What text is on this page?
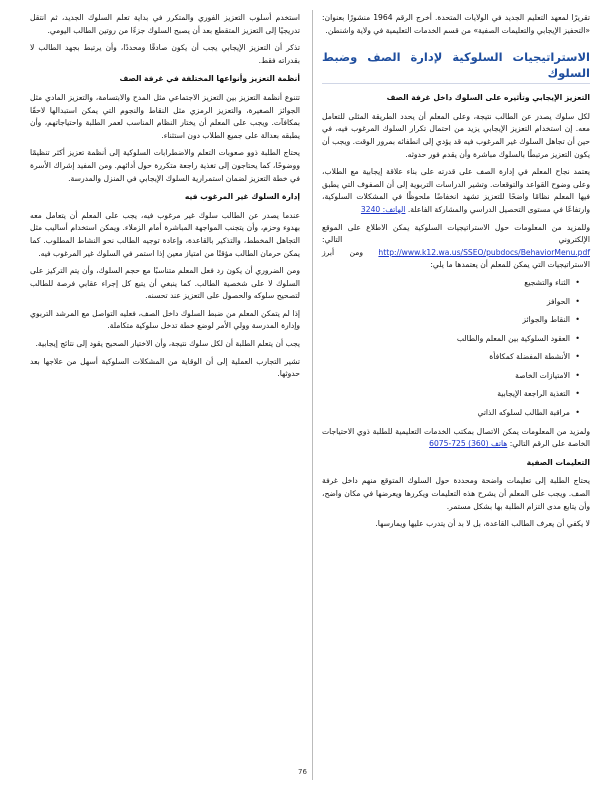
تقريرًا لمعهد التعليم الجديد في الولايات المتحدة. أخرج الرقم 1964 منشورًا بعنوان: «التحفيز الإيجابي والتعليمات الصفية» من قسم الخدمات التعليمية في ولاية واشنطن.

الاستراتيجيات السلوكية لإدارة الصف وضبط السلوك
التعزيز الإيجابي وتأثيره على السلوك داخل غرفة الصف

لكل سلوك يصدر عن الطالب نتيجة، وعلى المعلم أن يحدد الطريقة المثلى للتعامل معه. إن استخدام التعزيز الإيجابي يزيد من احتمال تكرار السلوك المرغوب فيه، في حين أن تجاهل السلوك غير المرغوب فيه قد يؤدي إلى انطفائه بمرور الوقت. ويجب أن يكون التعزيز مرتبطًا بالسلوك مباشرة وأن يقدم فور حدوثه.

يعتمد نجاح المعلم في إدارة الصف على قدرته على بناء علاقة إيجابية مع الطلاب، وعلى وضوح القواعد والتوقعات. وتشير الدراسات التربوية إلى أن الصفوف التي يطبق فيها المعلم نظامًا واضحًا للتعزيز تشهد انخفاضًا ملحوظًا في المشكلات السلوكية، وارتفاعًا في مستوى التحصيل الدراسي والمشاركة الفاعلة. الهاتف: 3240

وللمزيد من المعلومات حول الاستراتيجيات السلوكية يمكن الاطلاع على الموقع الإلكتروني التالي: http://www.k12.wa.us/SSEO/pubdocs/BehaviorMenu.pdf ومن أبرز الاستراتيجيات التي يمكن للمعلم أن يعتمدها ما يلي:

•
الثناء والتشجيع
•
الحوافز
•
النقاط والجوائز
•
العقود السلوكية بين المعلم والطالب
•
الأنشطة المفضلة كمكافأة
•
الامتيازات الخاصة
•
التغذية الراجعة الإيجابية
•
مراقبة الطالب لسلوكه الذاتي

ولمزيد من المعلومات يمكن الاتصال بمكتب الخدمات التعليمية للطلبة ذوي الاحتياجات الخاصة على الرقم التالي: هاتف (360) 725-6075

التعليمات الصفية

يحتاج الطلبة إلى تعليمات واضحة ومحددة حول السلوك المتوقع منهم داخل غرفة الصف. ويجب على المعلم أن يشرح هذه التعليمات ويكررها ويعرضها في مكان واضح، وأن يتابع مدى التزام الطلبة بها بشكل مستمر.

لا يكفي أن يعرف الطالب القاعدة، بل لا بد أن يتدرب عليها ويمارسها.

استخدم أسلوب التعزيز الفوري والمتكرر في بداية تعلم السلوك الجديد، ثم انتقل تدريجيًا إلى التعزيز المتقطع بعد أن يصبح السلوك جزءًا من روتين الطالب اليومي.

تذكر أن التعزيز الإيجابي يجب أن يكون صادقًا ومحددًا، وأن يرتبط بجهد الطالب لا بقدراته فقط.

أنظمة التعزيز وأنواعها المختلفة في غرفة الصف

تتنوع أنظمة التعزيز بين التعزيز الاجتماعي مثل المدح والابتسامة، والتعزيز المادي مثل الجوائز الصغيرة، والتعزيز الرمزي مثل النقاط والنجوم التي يمكن استبدالها لاحقًا بمكافآت. ويجب على المعلم أن يختار النظام المناسب لعمر الطلبة واحتياجاتهم، وأن يطبقه بعدالة على جميع الطلاب دون استثناء.

يحتاج الطلبة ذوو صعوبات التعلم والاضطرابات السلوكية إلى أنظمة تعزيز أكثر تنظيمًا ووضوحًا، كما يحتاجون إلى تغذية راجعة متكررة حول أدائهم. ومن المفيد إشراك الأسرة في خطة التعزيز لضمان استمرارية السلوك الإيجابي في المنزل والمدرسة.

إدارة السلوك غير المرغوب فيه

عندما يصدر عن الطالب سلوك غير مرغوب فيه، يجب على المعلم أن يتعامل معه بهدوء وحزم، وأن يتجنب المواجهة المباشرة أمام الزملاء. ويمكن استخدام أساليب مثل التجاهل المخطط، والتذكير بالقاعدة، وإعادة توجيه الطالب نحو النشاط المطلوب. كما يمكن حرمان الطالب مؤقتًا من امتياز معين إذا استمر في السلوك غير المرغوب فيه.

ومن الضروري أن يكون رد فعل المعلم متناسبًا مع حجم السلوك، وأن يتم التركيز على السلوك لا على شخصية الطالب. كما ينبغي أن يتبع كل إجراء عقابي فرصة للطالب لتصحيح سلوكه والحصول على التعزيز عند تحسنه.

إذا لم يتمكن المعلم من ضبط السلوك داخل الصف، فعليه التواصل مع المرشد التربوي وإدارة المدرسة وولي الأمر لوضع خطة تدخل سلوكية متكاملة.

يجب أن يتعلم الطلبة أن لكل سلوك نتيجة، وأن الاختيار الصحيح يقود إلى نتائج إيجابية.

تشير التجارب العملية إلى أن الوقاية من المشكلات السلوكية أسهل من علاجها بعد حدوثها.

76
